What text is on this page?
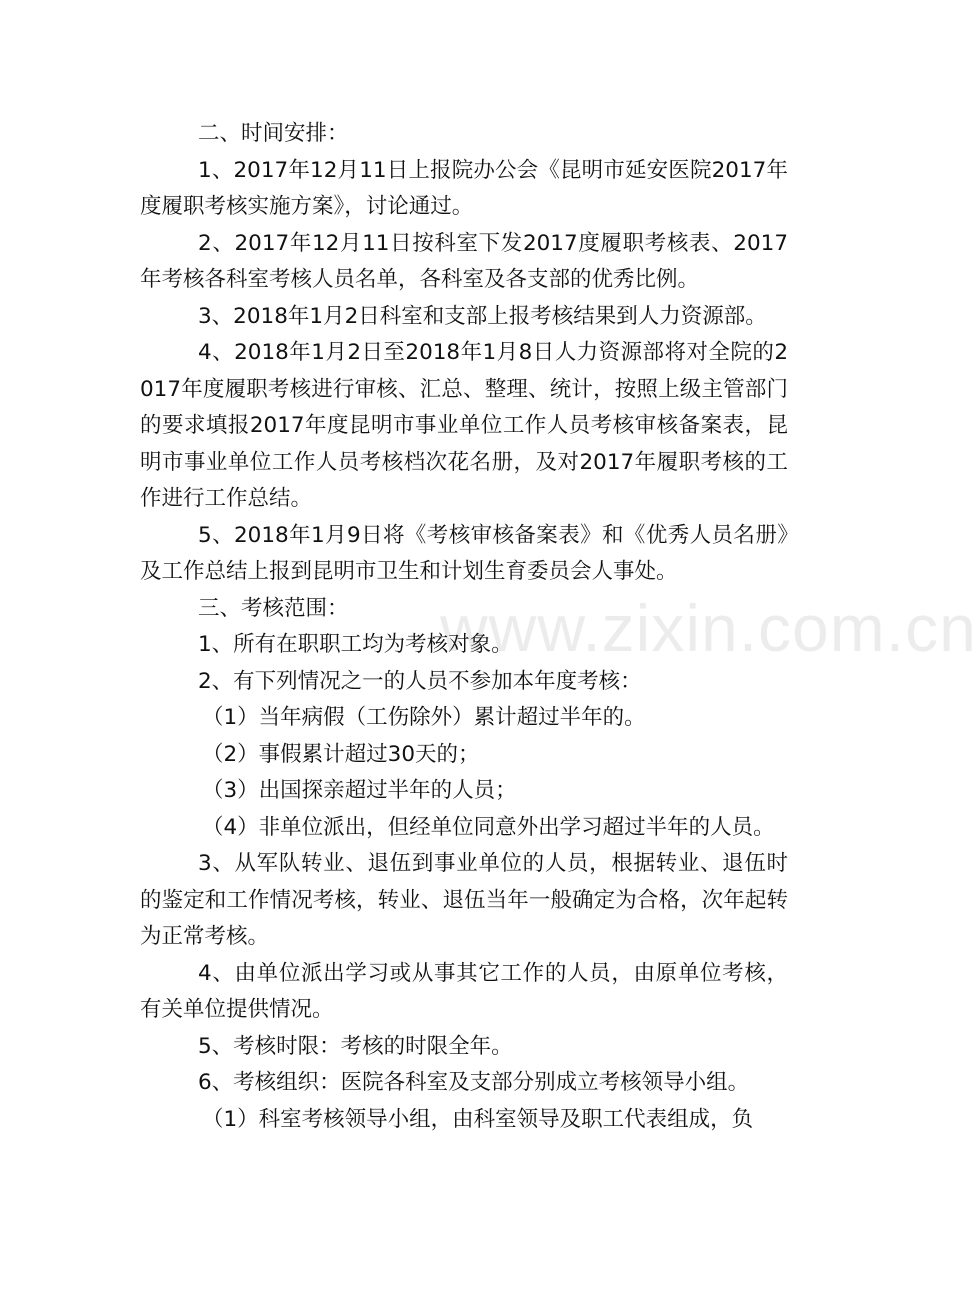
www.zixin.com.cn

二、时间安排：

1、2017年12月11日上报院办公会《昆明市延安医院2017年度履职考核实施方案》，讨论通过。

2、2017年12月11日按科室下发2017度履职考核表、2017年考核各科室考核人员名单，各科室及各支部的优秀比例。

3、2018年1月2日科室和支部上报考核结果到人力资源部。

4、2018年1月2日至2018年1月8日人力资源部将对全院的2017年度履职考核进行审核、汇总、整理、统计，按照上级主管部门的要求填报2017年度昆明市事业单位工作人员考核审核备案表，昆明市事业单位工作人员考核档次花名册，及对2017年履职考核的工作进行工作总结。

5、2018年1月9日将《考核审核备案表》和《优秀人员名册》及工作总结上报到昆明市卫生和计划生育委员会人事处。

三、考核范围：

1、所有在职职工均为考核对象。

2、有下列情况之一的人员不参加本年度考核：

（1）当年病假（工伤除外）累计超过半年的。

（2）事假累计超过30天的；

（3）出国探亲超过半年的人员；

（4）非单位派出，但经单位同意外出学习超过半年的人员。

3、从军队转业、退伍到事业单位的人员，根据转业、退伍时的鉴定和工作情况考核，转业、退伍当年一般确定为合格，次年起转为正常考核。

4、由单位派出学习或从事其它工作的人员，由原单位考核，有关单位提供情况。

5、考核时限：考核的时限全年。

6、考核组织：医院各科室及支部分别成立考核领导小组。

（1）科室考核领导小组，由科室领导及职工代表组成，负
